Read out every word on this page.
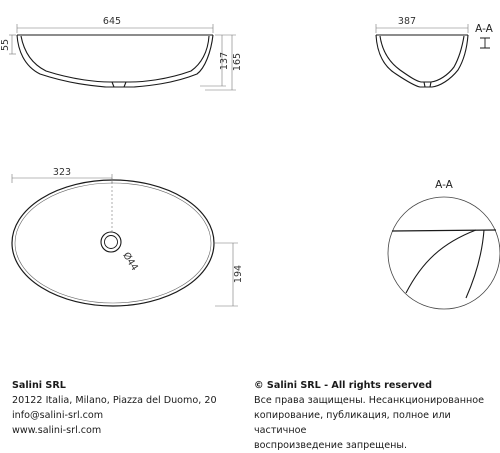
645
55
137 165
387
A-A
323
194
Ø44
A-A
Salini SRL
20122 Italia, Milano, Piazza del Duomo, 20
info@salini-srl.com
www.salini-srl.com
© Salini SRL - All rights reserved
Все права защищены. Несанкционированное
копирование, публикация, полное или частичное
воспроизведение запрещены.
